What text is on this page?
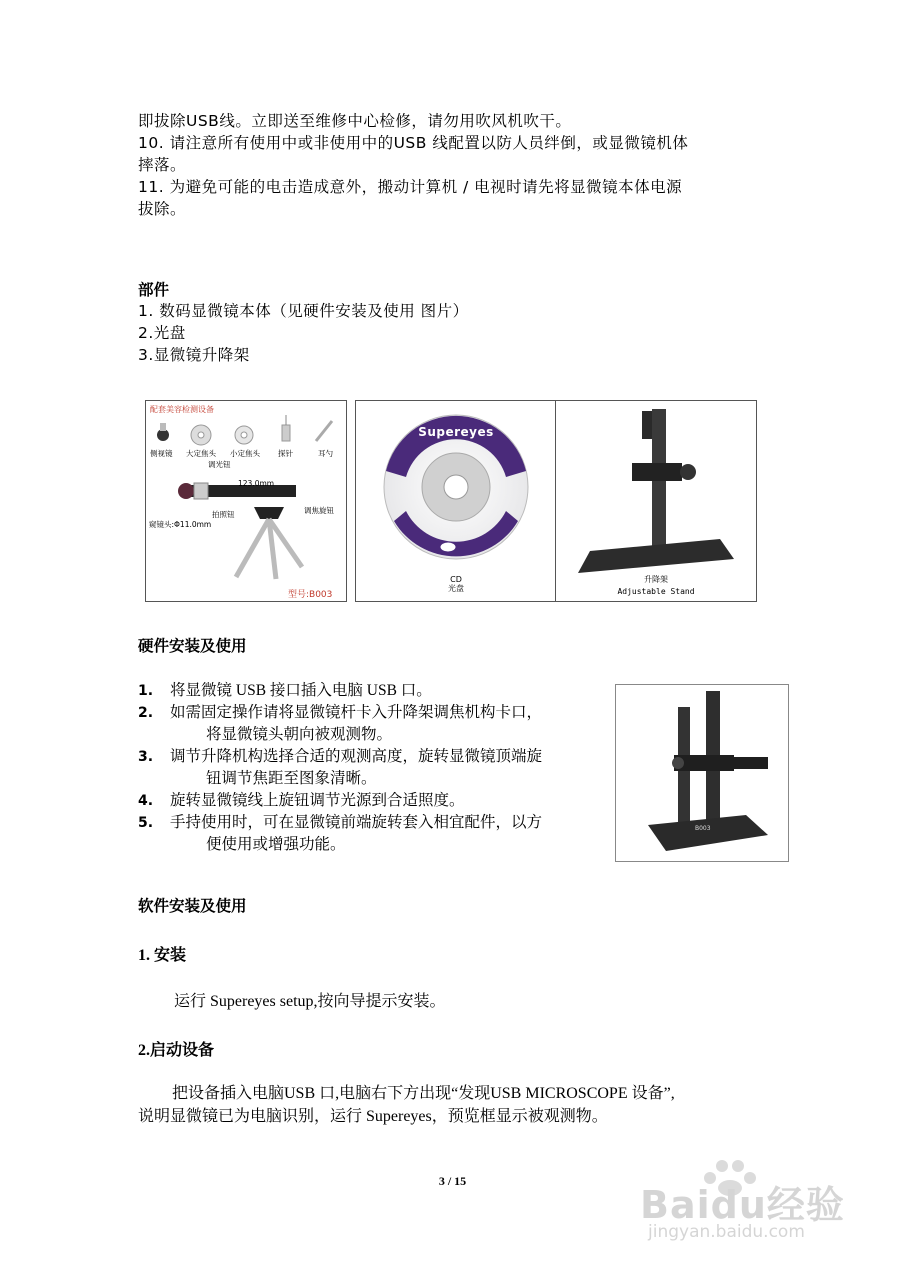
即拔除USB线。立即送至维修中心检修，请勿用吹风机吹干。
10. 请注意所有使用中或非使用中的USB 线配置以防人员绊倒，或显微镜机体
摔落。
11. 为避免可能的电击造成意外，搬动计算机 / 电视时请先将显微镜本体电源
拔除。
部件
1. 数码显微镜本体（见硬件安装及使用 图片）
2.光盘
3.显微镜升降架
配套美容检测设备
侧视镜 大定焦头 小定焦头 探针	耳勺
调光钮
123.0mm
拍照钮	调焦旋钮
窥镜头:Φ11.0mm
型号:B003
Supereyes
CD
光盘
升降架
Adjustable Stand
硬件安装及使用
1.	将显微镜 USB 接口插入电脑 USB 口。
2.	如需固定操作请将显微镜杆卡入升降架调焦机构卡口，
将显微镜头朝向被观测物。
3.	调节升降机构选择合适的观测高度，旋转显微镜顶端旋
钮调节焦距至图象清晰。
4.	旋转显微镜线上旋钮调节光源到合适照度。
5.	手持使用时，可在显微镜前端旋转套入相宜配件，以方
便使用或增强功能。
B003
软件安装及使用
1. 安装
运行 Supereyes setup,按向导提示安装。
2.启动设备
把设备插入电脑USB 口,电脑右下方出现“发现USB MICROSCOPE 设备”,
说明显微镜已为电脑识别，运行 Supereyes，预览框显示被观测物。
3 / 15
Baidu经验
jingyan.baidu.com
